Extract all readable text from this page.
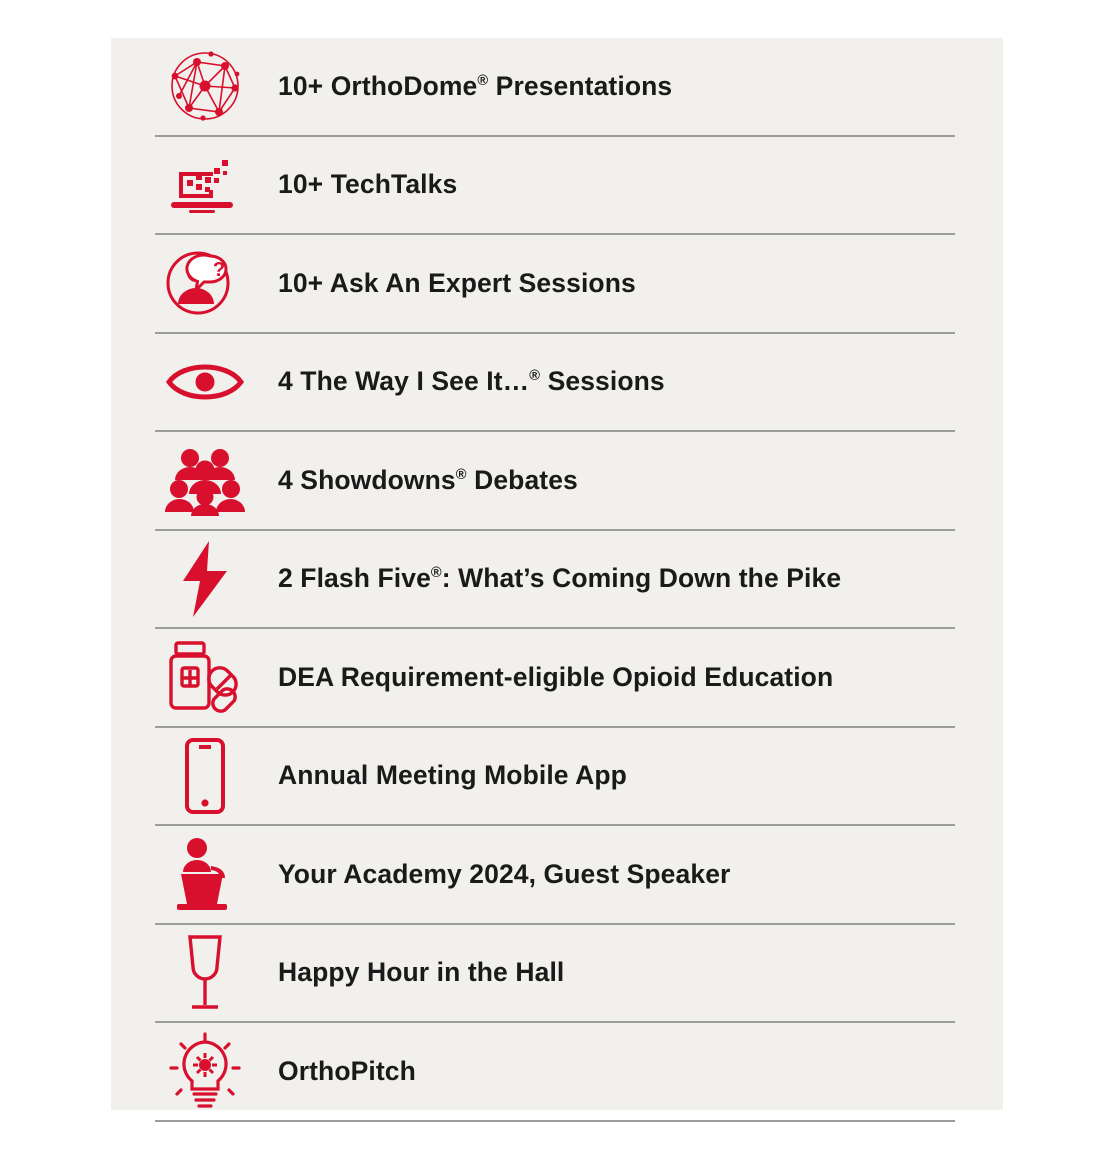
10+ OrthoDome® Presentations
10+ TechTalks
?	10+ Ask An Expert Sessions
4 The Way I See It…® Sessions
4 Showdowns® Debates
2 Flash Five®: What’s Coming Down the Pike
DEA Requirement-eligible Opioid Education
Annual Meeting Mobile App
Your Academy 2024, Guest Speaker
Happy Hour in the Hall
OrthoPitch
